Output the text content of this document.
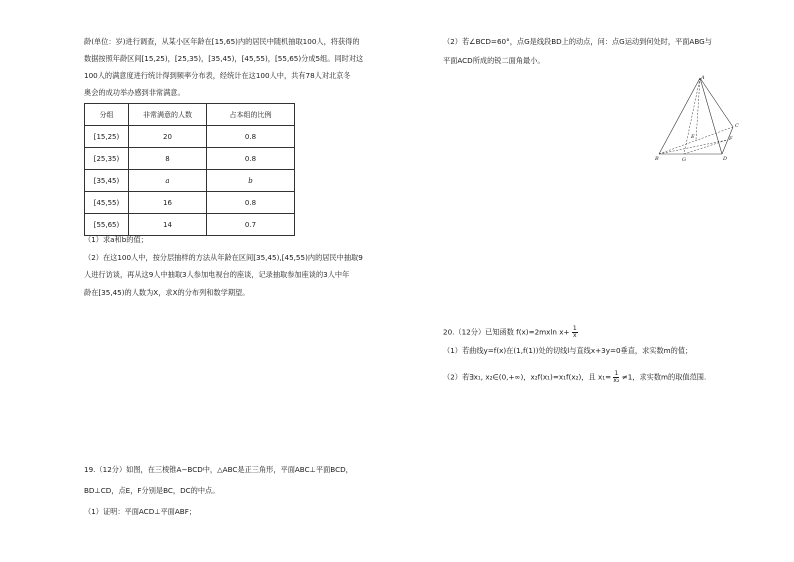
龄(单位：岁)进行调查，从某小区年龄在[15,65)内的居民中随机抽取100人，将获得的
数据按照年龄区间[15,25)，[25,35)，[35,45)，[45,55)，[55,65)分成5组。同时对这
100人的满意度进行统计得到频率分布表，经统计在这100人中，共有78人对北京冬
奥会的成功举办感到非常满意。
分组	非常满意的人数	占本组的比例
[15,25)	20	0.8
[25,35)	8	0.8
[35,45)	a	b
[45,55)	16	0.8
[55,65)	14	0.7
（1）求a和b的值；
（2）在这100人中，按分层抽样的方法从年龄在区间[35,45),[45,55)内的居民中抽取9
人进行访谈，再从这9人中抽取3人参加电视台的座谈，记录抽取参加座谈的3人中年
龄在[35,45)的人数为X，求X的分布列和数学期望。
19.（12分）如图，在三棱锥A−BCD中，△ABC是正三角形，平面ABC⊥平面BCD，
BD⊥CD，点E，F分别是BC，DC的中点。
（1）证明：平面ACD⊥平面ABF；
（2）若∠BCD=60°，点G是线段BD上的动点，问：点G运动到何处时，平面ABG与
平面ACD所成的锐二面角最小。
A
B
C
D
E	F
G
20.（12分）已知函数 f(x)=2mxln $x+ \frac{1}{x}$
（1）若曲线y=f(x)在(1,f(1))处的切线l与直线x+3y=0垂直，求实数m的值；
（2）若∃x₁, x₂∈(0,+∞)，x₂f(x₁)=x₁f(x₂)，且 $x_1= \frac{1}{\text{x₂}} \ne 1$，求实数m的取值范围.
